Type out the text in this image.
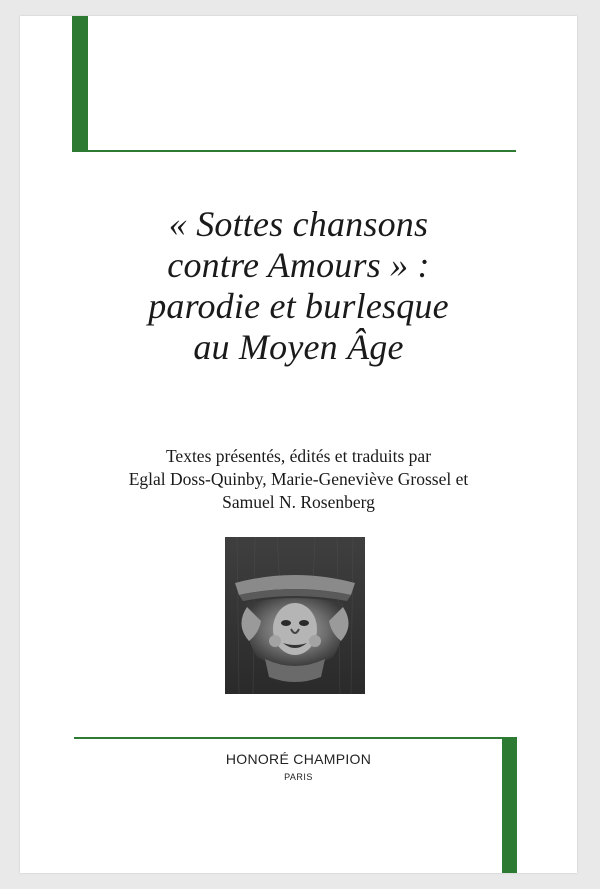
« Sottes chansons
contre Amours » :
parodie et burlesque
au Moyen Âge
Textes présentés, édités et traduits par
Eglal Doss-Quinby, Marie-Geneviève Grossel et
Samuel N. Rosenberg
HONORÉ CHAMPION
PARIS
